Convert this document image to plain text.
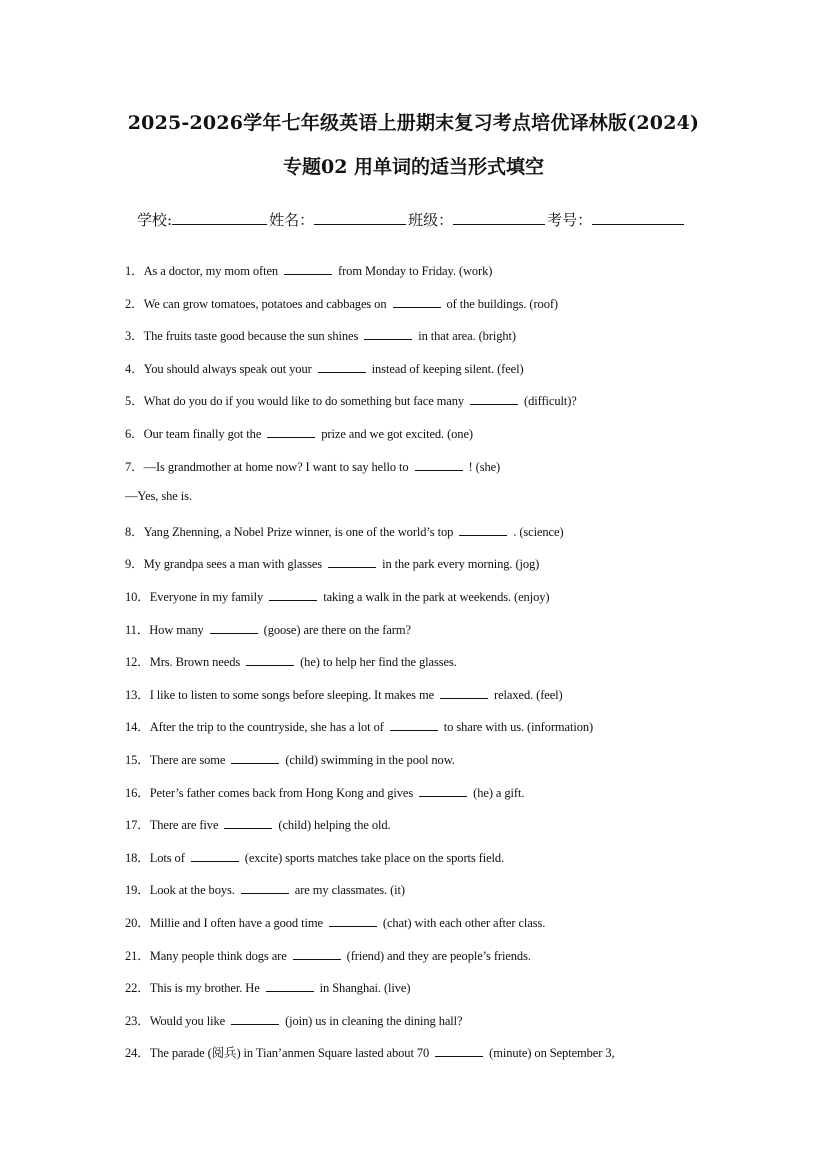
2025-2026学年七年级英语上册期末复习考点培优译林版(2024)
专题02 用单词的适当形式填空
学校:	姓名：	班级：	考号：
1．As a doctor, my mom often	from Monday to Friday. (work)
2．We can grow tomatoes, potatoes and cabbages on	of the buildings. (roof)
3．The fruits taste good because the sun shines	in that area. (bright)
4．You should always speak out your	instead of keeping silent. (feel)
5．What do you do if you would like to do something but face many	(difficult)?
6．Our team finally got the	prize and we got excited. (one)
7．—Is grandmother at home now? I want to say hello to	! (she)
—Yes, she is.
8．Yang Zhenning, a Nobel Prize winner, is one of the world’s top	. (science)
9．My grandpa sees a man with glasses	in the park every morning. (jog)
10．Everyone in my family	taking a walk in the park at weekends. (enjoy)
11．How many	(goose) are there on the farm?
12．Mrs. Brown needs	(he) to help her find the glasses.
13．I like to listen to some songs before sleeping. It makes me	relaxed. (feel)
14．After the trip to the countryside, she has a lot of	to share with us. (information)
15．There are some	(child) swimming in the pool now.
16．Peter’s father comes back from Hong Kong and gives	(he) a gift.
17．There are five	(child) helping the old.
18．Lots of	(excite) sports matches take place on the sports field.
19．Look at the boys.	are my classmates. (it)
20．Millie and I often have a good time	(chat) with each other after class.
21．Many people think dogs are	(friend) and they are people’s friends.
22．This is my brother. He	in Shanghai. (live)
23．Would you like	(join) us in cleaning the dining hall?
24．The parade (阅兵) in Tian’anmen Square lasted about 70	(minute) on September 3,
